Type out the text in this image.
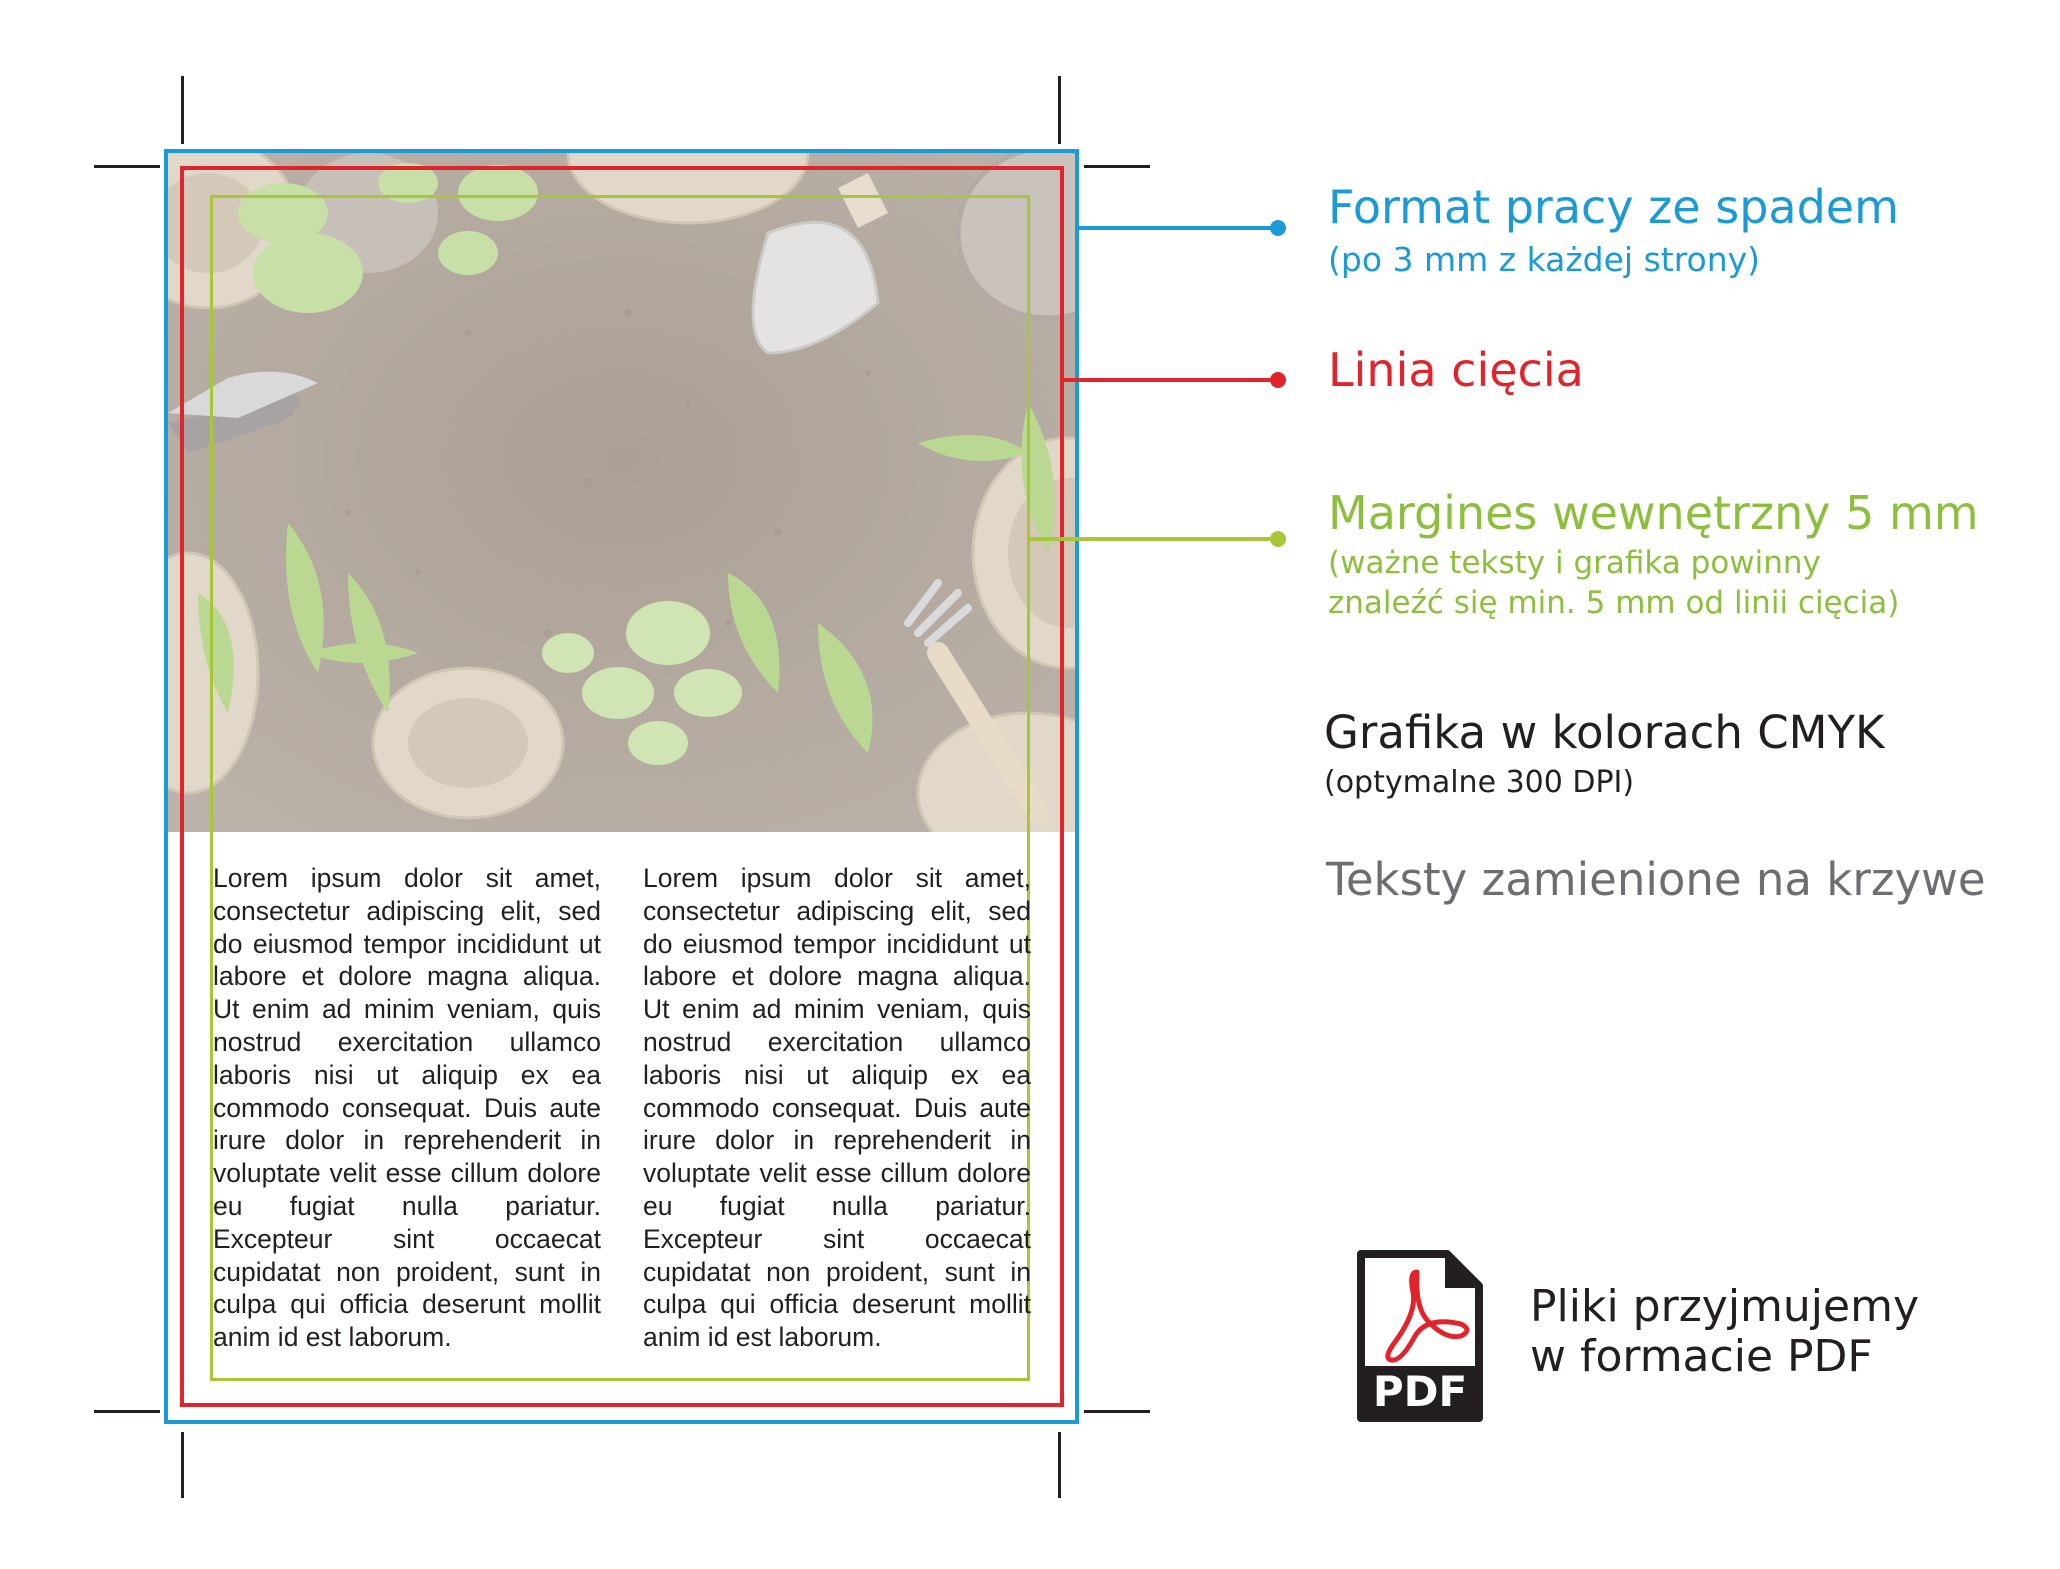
Lorem ipsum dolor sit amet, consectetur adipiscing elit, sed do eiusmod tempor incididunt ut labore et dolore magna aliqua. Ut enim ad minim veniam, quis nostrud exercitation ullamco laboris nisi ut aliquip ex ea commodo consequat. Duis aute irure dolor in reprehenderit in voluptate velit esse cillum dolore eu fugiat nulla pariatur. Excepteur sint occaecat cupidatat non proident, sunt in culpa qui officia deserunt mollit anim id est laborum.
Lorem ipsum dolor sit amet, consectetur adipiscing elit, sed do eiusmod tempor incididunt ut labore et dolore magna aliqua. Ut enim ad minim veniam, quis nostrud exercitation ullamco laboris nisi ut aliquip ex ea commodo consequat. Duis aute irure dolor in reprehenderit in voluptate velit esse cillum dolore eu fugiat nulla pariatur. Excepteur sint occaecat cupidatat non proident, sunt in culpa qui officia deserunt mollit anim id est laborum.
Format pracy ze spadem
(po 3 mm z każdej strony)
Linia cięcia
Margines wewnętrzny 5 mm
(ważne teksty i grafika powinny
znaleźć się min. 5 mm od linii cięcia)
Grafika w kolorach CMYK
(optymalne 300 DPI)
Teksty zamienione na krzywe
PDF
Pliki przyjmujemy
w formacie PDF
